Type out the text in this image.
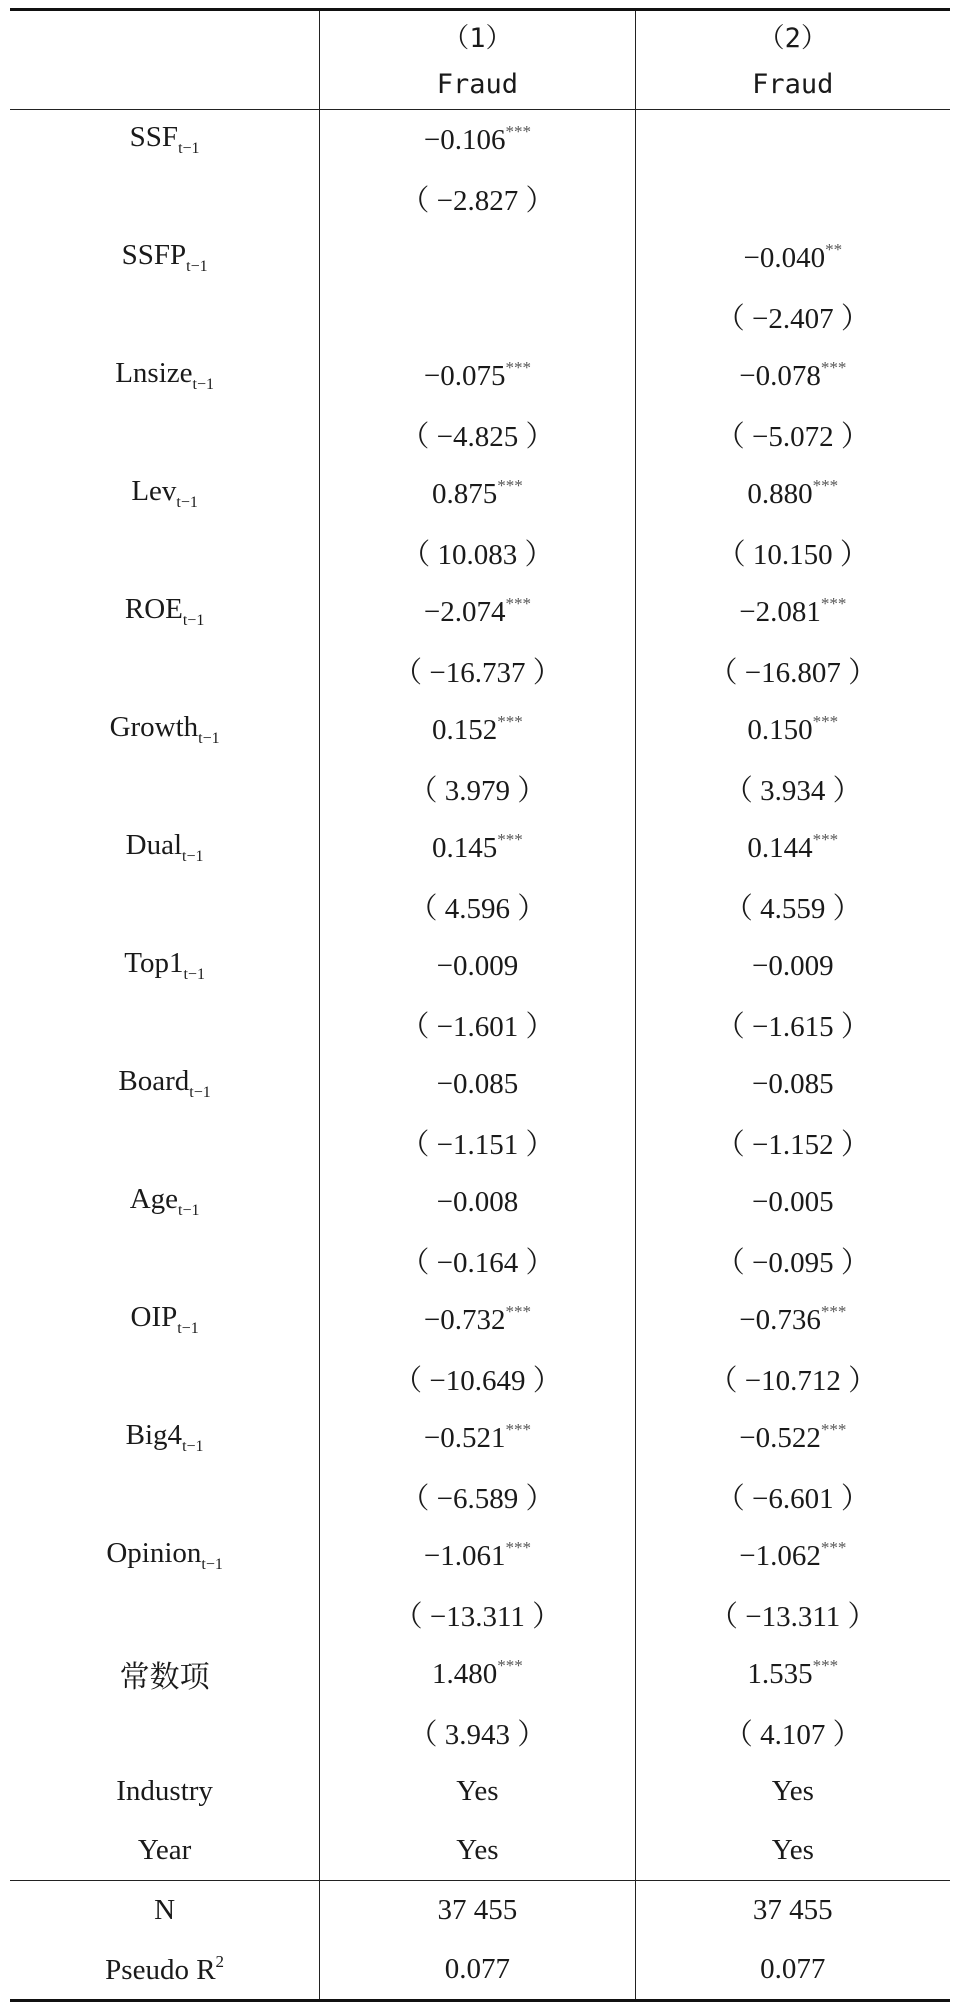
	（1）	（2）
	Fraud	Fraud
$SSF_{t-1}$	−0.106***	
	（ −2.827 ）	
$SSFP_{t-1}$		−0.040**
		（ −2.407 ）
Lnsize$_{t-1}$	−0.075***	−0.078***
	（ −4.825 ）	（ −5.072 ）
Lev$_{t-1}$	0.875***	0.880***
	（ 10.083 ）	（ 10.150 ）
$ROE_{t-1}$	−2.074***	−2.081***
	（ −16.737 ）	（ −16.807 ）
Growth$_{t-1}$	0.152***	0.150***
	（ 3.979 ）	（ 3.934 ）
Dual$_{t-1}$	0.145***	0.144***
	（ 4.596 ）	（ 4.559 ）
$Top1_{t-1}$	−0.009	−0.009
	（ −1.601 ）	（ −1.615 ）
Board$_{t-1}$	−0.085	−0.085
	（ −1.151 ）	（ −1.152 ）
Age$_{t-1}$	−0.008	−0.005
	（ −0.164 ）	（ −0.095 ）
$OIP_{t-1}$	−0.732***	−0.736***
	（ −10.649 ）	（ −10.712 ）
$Big4_{t-1}$	−0.521***	−0.522***
	（ −6.589 ）	（ −6.601 ）
Opinion$_{t-1}$	−1.061***	−1.062***
	（ −13.311 ）	（ −13.311 ）
常数项	1.480***	1.535***
	（ 3.943 ）	（ 4.107 ）
Industry	Yes	Yes
Year	Yes	Yes
N	37 455	37 455
Pseudo $R^2$	0.077	0.077
